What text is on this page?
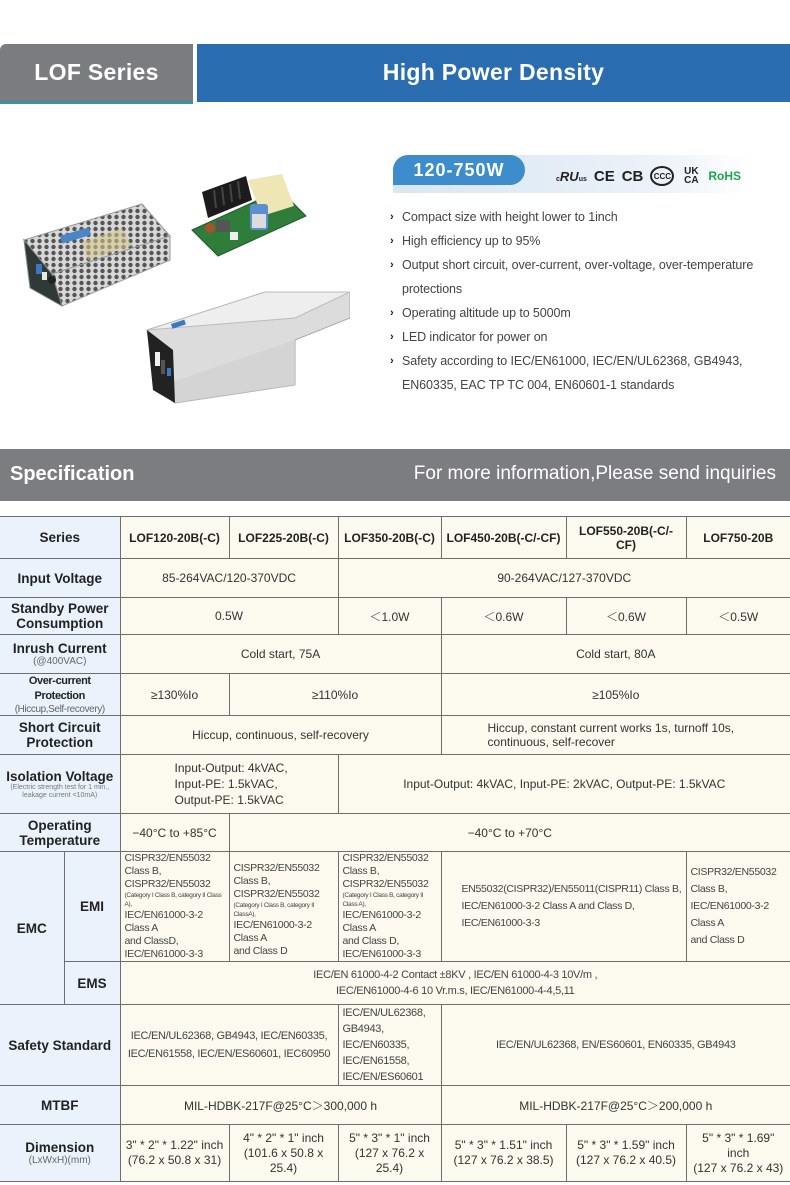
LOF Series	High Power Density
120-750W	cRUus CE CB	CCC	UK
CA RoHS
› Compact size with height lower to 1inch
› High efficiency up to 95%
› Output short circuit, over-current, over-voltage, over-temperature protections
› Operating altitude up to 5000m
› LED indicator for power on
› Safety according to IEC/EN61000, IEC/EN/UL62368, GB4943, EN60335, EAC TP TC 004, EN60601-1 standards
Specification	For more information,Please send inquiries
Series		LOF120-20B(-C)	LOF225-20B(-C)	LOF350-20B(-C)	LOF450-20B(-C/-CF)	LOF550-20B(-C/-CF)	LOF750-20B
Input Voltage		85-264VAC/120-370VDC		90-264VAC/127-370VDC			
Standby Power
Consumption		0.5W		＜1.0W	＜0.6W	＜0.6W	＜0.5W
Inrush Current
(@400VAC)		Cold start, 75A			Cold start, 80A		
Over-current Protection
(Hiccup,Self-recovery)		≥130%Io	≥110%Io		≥105%Io		
Short Circuit
Protection		Hiccup, continuous, self-recovery			Hiccup, constant current works 1s, turnoff 10s,
continuous, self-recover		
Isolation Voltage
(Electric strength test for 1 min.,
leakage current <10mA)		Input-Output: 4kVAC,
Input-PE: 1.5kVAC,
Output-PE: 1.5kVAC		Input-Output: 4kVAC, Input-PE: 2kVAC, Output-PE: 1.5kVAC			
Operating
Temperature		−40°C to +85°C	−40°C to +70°C				
EMC	EMI	CISPR32/EN55032 Class B,
CISPR32/EN55032
(Category I Class B, category II Class A),
IEC/EN61000-3-2 Class A
and ClassD,
IEC/EN61000-3-3	CISPR32/EN55032 Class B,
CISPR32/EN55032
(Category I Class B, category II ClassA),
IEC/EN61000-3-2 Class A
and Class D	CISPR32/EN55032 Class B,
CISPR32/EN55032
(Category I Class B, category II Class A),
IEC/EN61000-3-2 Class A
and Class D,
IEC/EN61000-3-3	EN55032(CISPR32)/EN55011(CISPR11) Class B,
IEC/EN61000-3-2 Class A and Class D,
IEC/EN61000-3-3	CISPR32/EN55032 Class B,
IEC/EN61000-3-2 Class A
and Class D
	EMS	IEC/EN 61000-4-2 Contact ±8KV , IEC/EN 61000-4-3 10V/m ,
IEC/EN61000-4-6 10 Vr.m.s, IEC/EN61000-4-4,5,11					
Safety Standard		IEC/EN/UL62368, GB4943, IEC/EN60335,
IEC/EN61558, IEC/EN/ES60601, IEC60950		IEC/EN/UL62368,
GB4943, IEC/EN60335,
IEC/EN61558,
IEC/EN/ES60601	IEC/EN/UL62368, EN/ES60601, EN60335, GB4943		
MTBF		MIL-HDBK-217F@25°C＞300,000 h			MIL-HDBK-217F@25°C＞200,000 h		
Dimension
(LxWxH)(mm)		3" * 2" * 1.22" inch
(76.2 x 50.8 x 31)	4" * 2" * 1" inch
(101.6 x 50.8 x 25.4)	5" * 3" * 1" inch
(127 x 76.2 x 25.4)	5" * 3" * 1.51" inch
(127 x 76.2 x 38.5)	5" * 3" * 1.59" inch
(127 x 76.2 x 40.5)	5" * 3" * 1.69" inch
(127 x 76.2 x 43)
